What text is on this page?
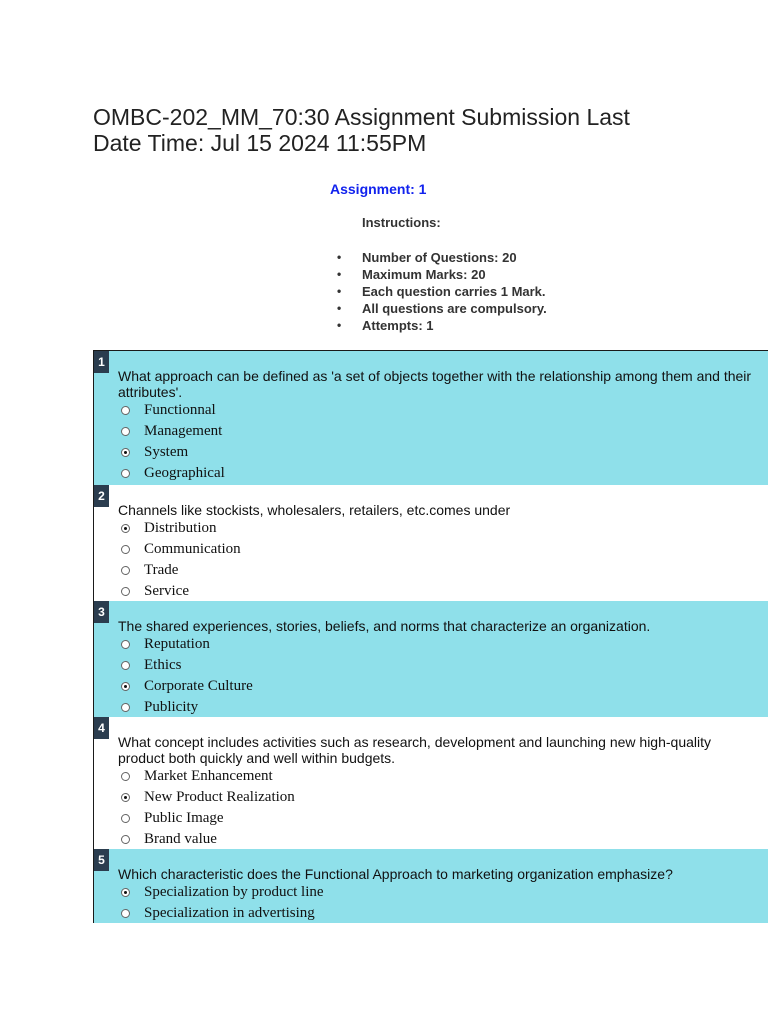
OMBC-202_MM_70:30 Assignment Submission Last
Date Time: Jul 15 2024 11:55PM
Assignment: 1
Instructions:
• Number of Questions: 20
• Maximum Marks: 20
• Each question carries 1 Mark.
• All questions are compulsory.
• Attempts: 1
1

What approach can be defined as 'a set of objects together with the relationship among them and their attributes'.

Functionnal
Management
System
Geographical
2

Channels like stockists, wholesalers, retailers, etc.comes under

Distribution
Communication
Trade
Service
3

The shared experiences, stories, beliefs, and norms that characterize an organization.

Reputation
Ethics
Corporate Culture
Publicity
4

What concept includes activities such as research, development and launching new high-quality product both quickly and well within budgets.

Market Enhancement
New Product Realization
Public Image
Brand value
5

Which characteristic does the Functional Approach to marketing organization emphasize?

Specialization by product line
Specialization in advertising
